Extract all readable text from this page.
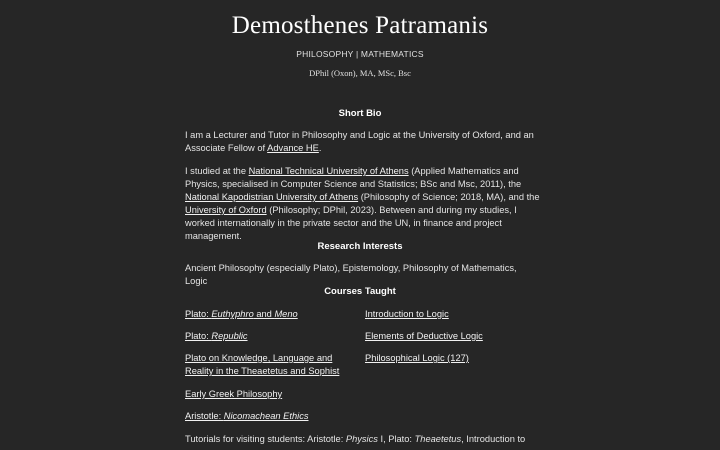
Demosthenes Patramanis
PHILOSOPHY | MATHEMATICS
DPhil (Oxon), MA, MSc, Bsc
Short Bio
I am a Lecturer and Tutor in Philosophy and Logic at the University of Oxford, and an Associate Fellow of Advance HE.
I studied at the National Technical University of Athens (Applied Mathematics and Physics, specialised in Computer Science and Statistics; BSc and Msc, 2011), the National Kapodistrian University of Athens (Philosophy of Science; 2018, MA), and the University of Oxford (Philosophy; DPhil, 2023). Between and during my studies, I worked internationally in the private sector and the UN, in finance and project management.
Research Interests
Ancient Philosophy (especially Plato), Epistemology, Philosophy of Mathematics, Logic
Courses Taught
Plato: Euthyphro and Meno
Plato: Republic
Plato on Knowledge, Language and Reality in the Theaetetus and Sophist
Early Greek Philosophy
Aristotle: Nicomachean Ethics
Introduction to Logic
Elements of Deductive Logic
Philosophical Logic (127)
Tutorials for visiting students: Aristotle: Physics I, Plato: Theaetetus, Introduction to
